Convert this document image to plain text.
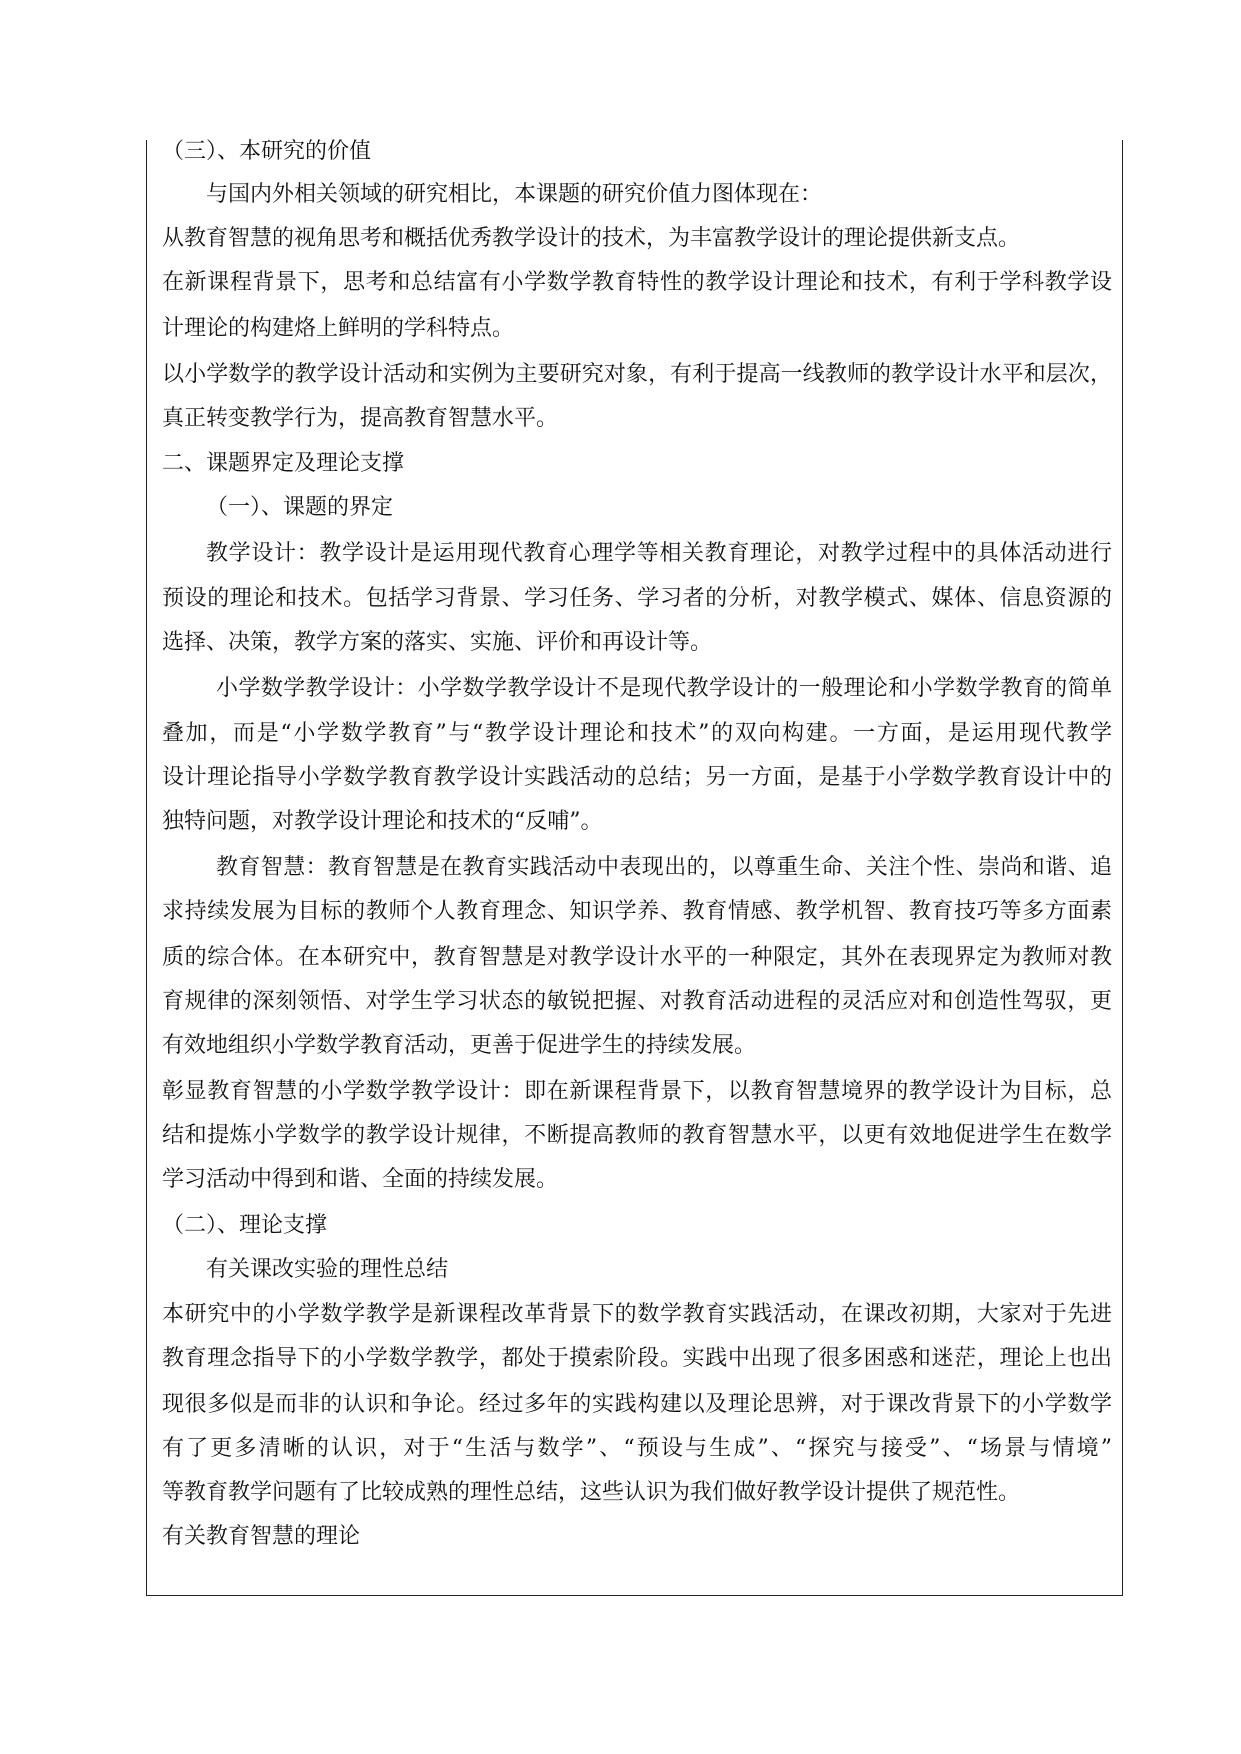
（三）、本研究的价值
与国内外相关领域的研究相比，本课题的研究价值力图体现在：
从教育智慧的视角思考和概括优秀教学设计的技术，为丰富教学设计的理论提供新支点。
在新课程背景下，思考和总结富有小学数学教育特性的教学设计理论和技术，有利于学科教学设
计理论的构建烙上鲜明的学科特点。
以小学数学的教学设计活动和实例为主要研究对象，有利于提高一线教师的教学设计水平和层次，
真正转变教学行为，提高教育智慧水平。
二、课题界定及理论支撑
（一）、课题的界定
教学设计：教学设计是运用现代教育心理学等相关教育理论，对教学过程中的具体活动进行
预设的理论和技术。包括学习背景、学习任务、学习者的分析，对教学模式、媒体、信息资源的
选择、决策，教学方案的落实、实施、评价和再设计等。
小学数学教学设计：小学数学教学设计不是现代教学设计的一般理论和小学数学教育的简单
叠加，而是“小学数学教育”与“教学设计理论和技术”的双向构建。一方面，是运用现代教学
设计理论指导小学数学教育教学设计实践活动的总结；另一方面，是基于小学数学教育设计中的
独特问题，对教学设计理论和技术的“反哺”。
教育智慧：教育智慧是在教育实践活动中表现出的，以尊重生命、关注个性、崇尚和谐、追
求持续发展为目标的教师个人教育理念、知识学养、教育情感、教学机智、教育技巧等多方面素
质的综合体。在本研究中，教育智慧是对教学设计水平的一种限定，其外在表现界定为教师对教
育规律的深刻领悟、对学生学习状态的敏锐把握、对教育活动进程的灵活应对和创造性驾驭，更
有效地组织小学数学教育活动，更善于促进学生的持续发展。
彰显教育智慧的小学数学教学设计：即在新课程背景下，以教育智慧境界的教学设计为目标，总
结和提炼小学数学的教学设计规律，不断提高教师的教育智慧水平，以更有效地促进学生在数学
学习活动中得到和谐、全面的持续发展。
（二）、理论支撑
有关课改实验的理性总结
本研究中的小学数学教学是新课程改革背景下的数学教育实践活动，在课改初期，大家对于先进
教育理念指导下的小学数学教学，都处于摸索阶段。实践中出现了很多困惑和迷茫，理论上也出
现很多似是而非的认识和争论。经过多年的实践构建以及理论思辨，对于课改背景下的小学数学
有了更多清晰的认识，对于“生活与数学”、“预设与生成”、“探究与接受”、“场景与情境”
等教育教学问题有了比较成熟的理性总结，这些认识为我们做好教学设计提供了规范性。
有关教育智慧的理论
